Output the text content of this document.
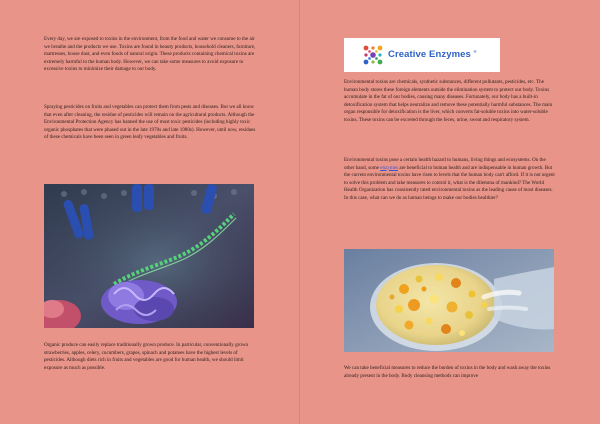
Every day, we are exposed to toxins in the environment, from the food and water we consume to the air we breathe and the products we use. Toxins are found in beauty products, household cleaners, furniture, mattresses, house dust, and even foods of natural origin. These products containing chemical toxins are extremely harmful to the human body. However, we can take some measures to avoid exposure to excessive toxins to minimize their damage to our body.

Spraying pesticides on fruits and vegetables can protect them from pests and diseases. But we all know that even after cleaning, the residue of pesticides will remain on the agricultural products. Although the Environmental Protection Agency has banned the use of most toxic pesticides (including highly toxic organic phosphates that were phased out in the late 1970s and late 1980s). However, until now, residues of these chemicals have been seen in green leafy vegetables and fruits.

Organic produce can easily replace traditionally grown produce. In particular, conventionally grown strawberries, apples, celery, cucumbers, grapes, spinach and potatoes have the highest levels of pesticides. Although diets rich in fruits and vegetables are good for human health, we should limit exposure as much as possible.

Creative Enzymes ®

Environmental toxins are chemicals, synthetic substances, different pollutants, pesticides, etc. The human body stores these foreign elements outside the elimination system to protect our body. Toxins accumulate in the fat of our bodies, causing many diseases. Fortunately, our body has a built-in detoxification system that helps neutralize and remove these potentially harmful substances. The main organ responsible for detoxification is the liver, which converts fat-soluble toxins into water-soluble toxins. These toxins can be excreted through the feces, urine, sweat and respiratory system.

Environmental toxins pose a certain health hazard to humans, living things and ecosystems. On the other hand, some enzymes are beneficial to human health and are indispensable in human growth. But the current environmental toxins have risen to levels that the human body can't afford. If it is not urgent to solve this problem and take measures to control it, what is the dilemma of mankind? The World Health Organization has consistently rated environmental toxins as the leading cause of most diseases. In this case, what can we do as human beings to make our bodies healthier?

We can take beneficial measures to reduce the burden of toxins in the body and wash away the toxins already present in the body. Body cleansing methods can improve
